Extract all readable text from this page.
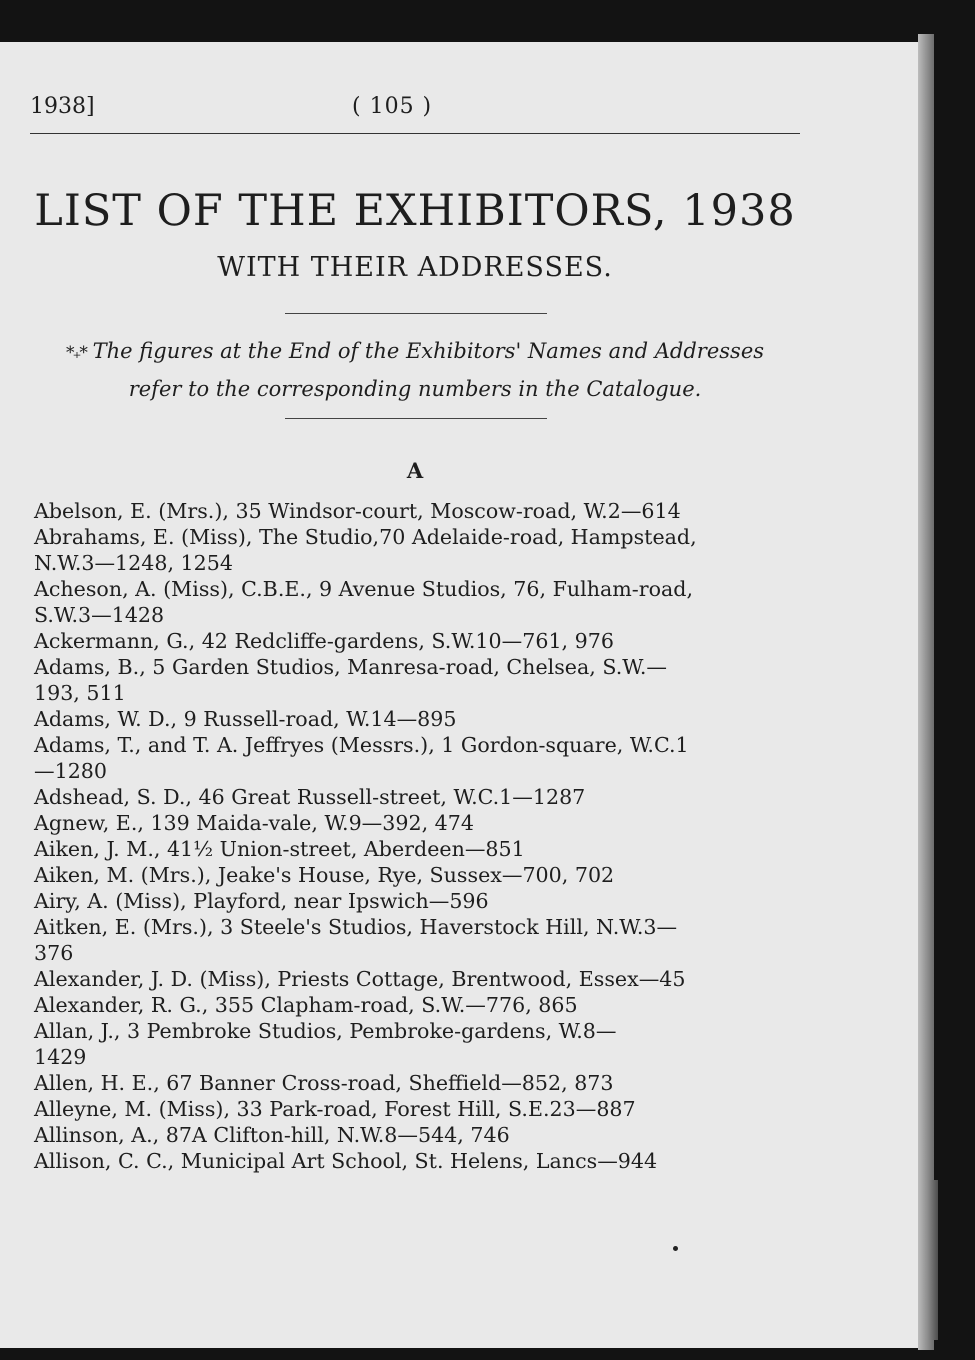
1938]	( 105 )
LIST OF THE EXHIBITORS, 1938
WITH THEIR ADDRESSES.
*₊* The figures at the End of the Exhibitors' Names and Addresses
refer to the corresponding numbers in the Catalogue.
A
Abelson, E. (Mrs.), 35 Windsor-court, Moscow-road, W.2—614
Abrahams, E. (Miss), The Studio,70 Adelaide-road, Hampstead,
N.W.3—1248, 1254
Acheson, A. (Miss), C.B.E., 9 Avenue Studios, 76, Fulham-road,
S.W.3—1428
Ackermann, G., 42 Redcliffe-gardens, S.W.10—761, 976
Adams, B., 5 Garden Studios, Manresa-road, Chelsea, S.W.—
193, 511
Adams, W. D., 9 Russell-road, W.14—895
Adams, T., and T. A. Jeffryes (Messrs.), 1 Gordon-square, W.C.1
—1280
Adshead, S. D., 46 Great Russell-street, W.C.1—1287
Agnew, E., 139 Maida-vale, W.9—392, 474
Aiken, J. M., 41½ Union-street, Aberdeen—851
Aiken, M. (Mrs.), Jeake's House, Rye, Sussex—700, 702
Airy, A. (Miss), Playford, near Ipswich—596
Aitken, E. (Mrs.), 3 Steele's Studios, Haverstock Hill, N.W.3—
376
Alexander, J. D. (Miss), Priests Cottage, Brentwood, Essex—45
Alexander, R. G., 355 Clapham-road, S.W.—776, 865
Allan, J., 3 Pembroke Studios, Pembroke-gardens, W.8—
1429
Allen, H. E., 67 Banner Cross-road, Sheffield—852, 873
Alleyne, M. (Miss), 33 Park-road, Forest Hill, S.E.23—887
Allinson, A., 87A Clifton-hill, N.W.8—544, 746
Allison, C. C., Municipal Art School, St. Helens, Lancs—944
